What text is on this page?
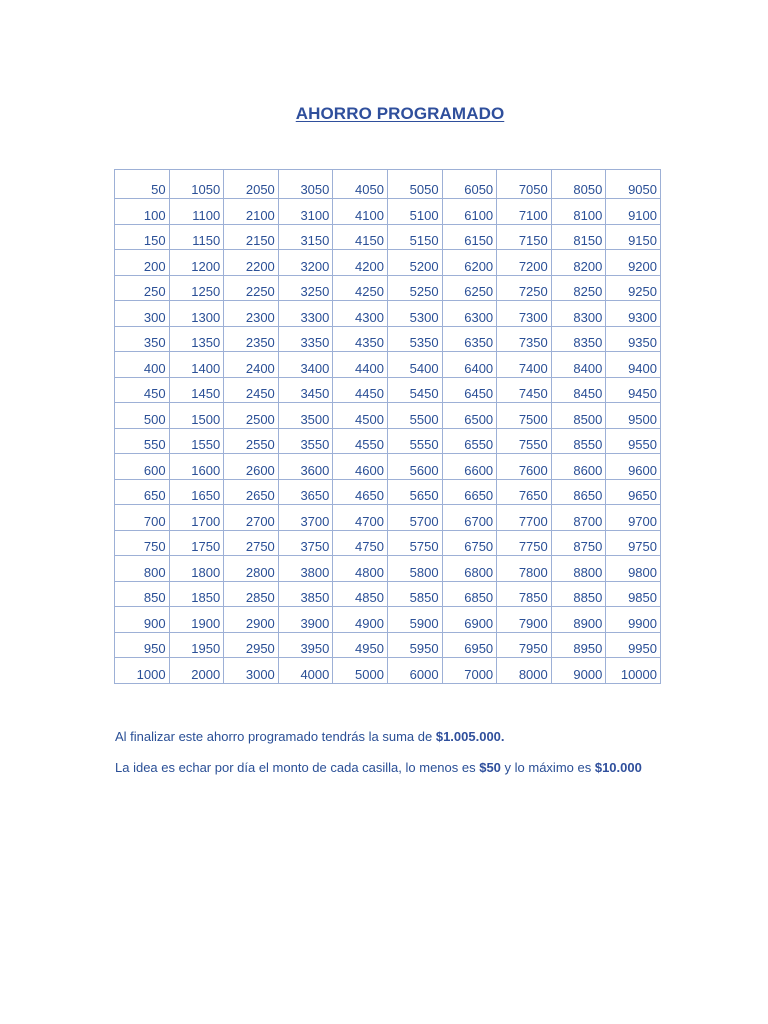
AHORRO PROGRAMADO
50	1050	2050	3050	4050	5050	6050	7050	8050	9050
100	1100	2100	3100	4100	5100	6100	7100	8100	9100
150	1150	2150	3150	4150	5150	6150	7150	8150	9150
200	1200	2200	3200	4200	5200	6200	7200	8200	9200
250	1250	2250	3250	4250	5250	6250	7250	8250	9250
300	1300	2300	3300	4300	5300	6300	7300	8300	9300
350	1350	2350	3350	4350	5350	6350	7350	8350	9350
400	1400	2400	3400	4400	5400	6400	7400	8400	9400
450	1450	2450	3450	4450	5450	6450	7450	8450	9450
500	1500	2500	3500	4500	5500	6500	7500	8500	9500
550	1550	2550	3550	4550	5550	6550	7550	8550	9550
600	1600	2600	3600	4600	5600	6600	7600	8600	9600
650	1650	2650	3650	4650	5650	6650	7650	8650	9650
700	1700	2700	3700	4700	5700	6700	7700	8700	9700
750	1750	2750	3750	4750	5750	6750	7750	8750	9750
800	1800	2800	3800	4800	5800	6800	7800	8800	9800
850	1850	2850	3850	4850	5850	6850	7850	8850	9850
900	1900	2900	3900	4900	5900	6900	7900	8900	9900
950	1950	2950	3950	4950	5950	6950	7950	8950	9950
1000	2000	3000	4000	5000	6000	7000	8000	9000	10000
Al finalizar este ahorro programado tendrás la suma de $1.005.000.
La idea es echar por día el monto de cada casilla, lo menos es $50 y lo máximo es $10.000
